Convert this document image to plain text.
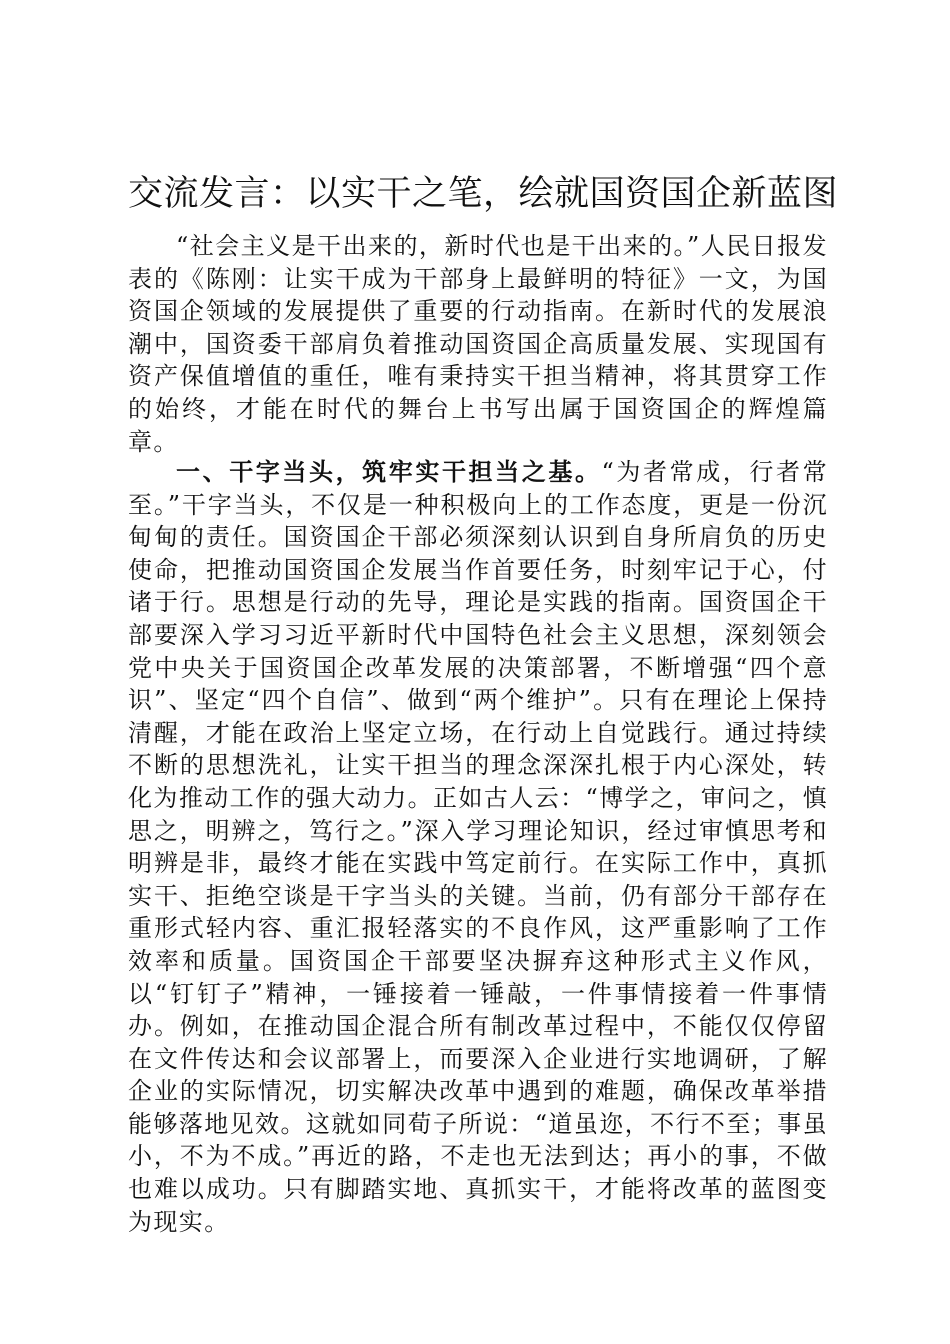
交流发言：以实干之笔，绘就国资国企新蓝图

“社会主义是干出来的，新时代也是干出来的。”人民日报发表的《陈刚：让实干成为干部身上最鲜明的特征》一文，为国资国企领域的发展提供了重要的行动指南。在新时代的发展浪潮中，国资委干部肩负着推动国资国企高质量发展、实现国有资产保值增值的重任，唯有秉持实干担当精神，将其贯穿工作的始终，才能在时代的舞台上书写出属于国资国企的辉煌篇章。

一、干字当头，筑牢实干担当之基。“为者常成，行者常至。”干字当头，不仅是一种积极向上的工作态度，更是一份沉甸甸的责任。国资国企干部必须深刻认识到自身所肩负的历史使命，把推动国资国企发展当作首要任务，时刻牢记于心，付诸于行。思想是行动的先导，理论是实践的指南。国资国企干部要深入学习习近平新时代中国特色社会主义思想，深刻领会党中央关于国资国企改革发展的决策部署，不断增强“四个意识”、坚定“四个自信”、做到“两个维护”。只有在理论上保持清醒，才能在政治上坚定立场，在行动上自觉践行。通过持续不断的思想洗礼，让实干担当的理念深深扎根于内心深处，转化为推动工作的强大动力。正如古人云：“博学之，审问之，慎思之，明辨之，笃行之。”深入学习理论知识，经过审慎思考和明辨是非，最终才能在实践中笃定前行。在实际工作中，真抓实干、拒绝空谈是干字当头的关键。当前，仍有部分干部存在重形式轻内容、重汇报轻落实的不良作风，这严重影响了工作效率和质量。国资国企干部要坚决摒弃这种形式主义作风，以“钉钉子”精神，一锤接着一锤敲，一件事情接着一件事情办。例如，在推动国企混合所有制改革过程中，不能仅仅停留在文件传达和会议部署上，而要深入企业进行实地调研，了解企业的实际情况，切实解决改革中遇到的难题，确保改革举措能够落地见效。这就如同荀子所说：“道虽迩，不行不至；事虽小，不为不成。”再近的路，不走也无法到达；再小的事，不做也难以成功。只有脚踏实地、真抓实干，才能将改革的蓝图变为现实。
